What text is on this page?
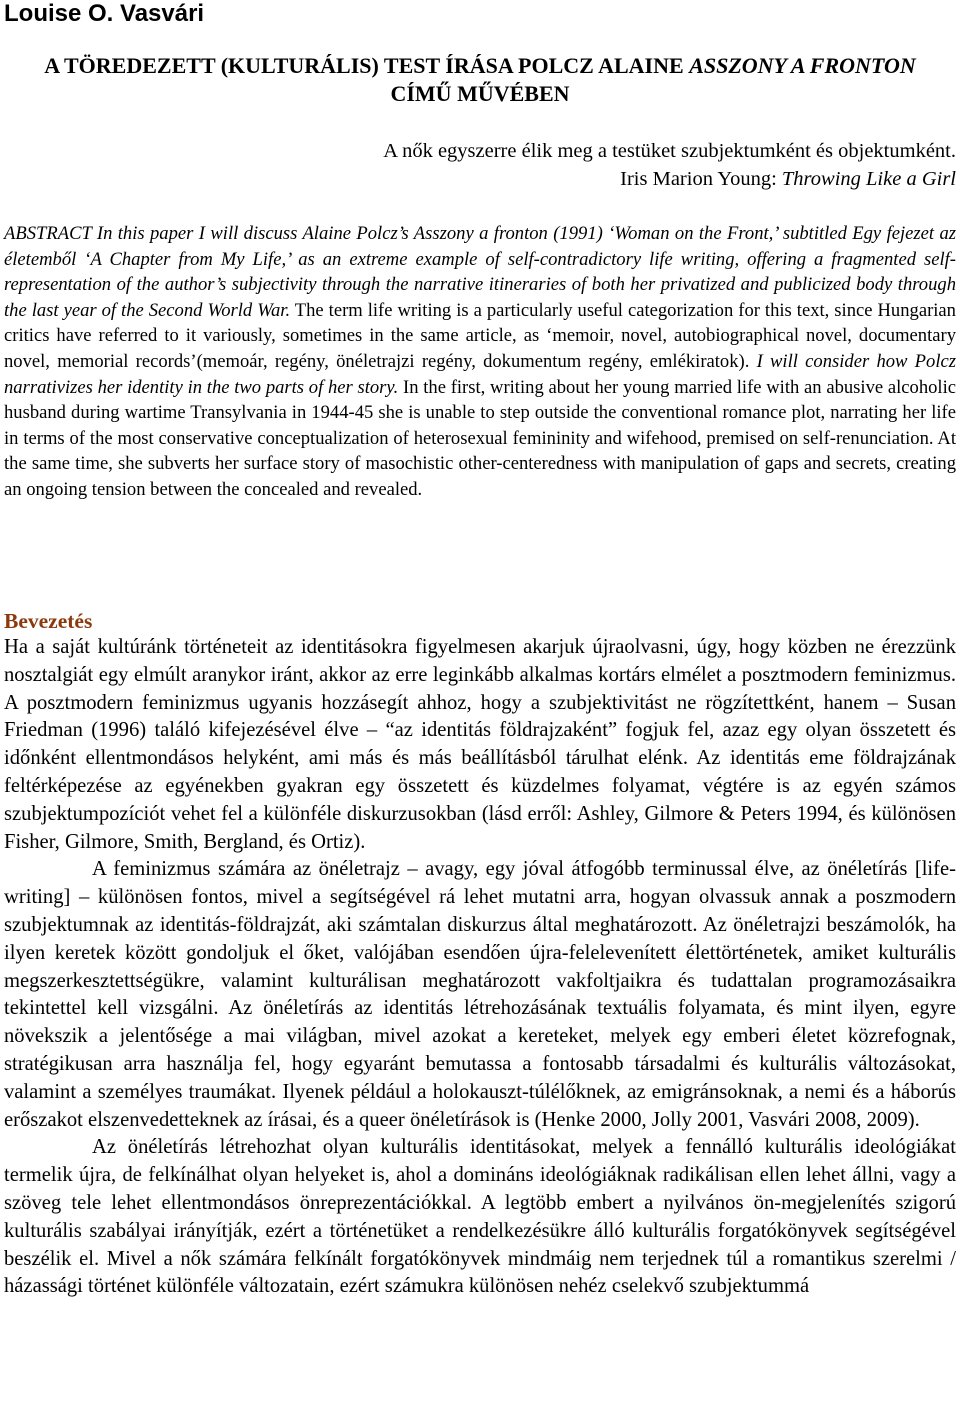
Louise O. Vasvári
A TÖREDEZETT (KULTURÁLIS) TEST ÍRÁSA POLCZ ALAINE ASSZONY A FRONTON CÍMŰ MŰVÉBEN
A nők egyszerre élik meg a testüket szubjektumként és objektumként.
Iris Marion Young: Throwing Like a Girl

ABSTRACT In this paper I will discuss Alaine Polcz’s Asszony a fronton (1991) ‘Woman on the Front,’ subtitled Egy fejezet az életemből ‘A Chapter from My Life,’ as an extreme example of self-contradictory life writing, offering a fragmented self-representation of the author’s subjectivity through the narrative itineraries of both her privatized and publicized body through the last year of the Second World War. The term life writing is a particularly useful categorization for this text, since Hungarian critics have referred to it variously, sometimes in the same article, as ‘memoir, novel, autobiographical novel, documentary novel, memorial records’(memoár, regény, önéletrajzi regény, dokumentum regény, emlékiratok). I will consider how Polcz narrativizes her identity in the two parts of her story. In the first, writing about her young married life with an abusive alcoholic husband during wartime Transylvania in 1944-45 she is unable to step outside the conventional romance plot, narrating her life in terms of the most conservative conceptualization of heterosexual femininity and wifehood, premised on self-renunciation. At the same time, she subverts her surface story of masochistic other-centeredness with manipulation of gaps and secrets, creating an ongoing tension between the concealed and revealed.

Bevezetés

Ha a saját kultúránk történeteit az identitásokra figyelmesen akarjuk újraolvasni, úgy, hogy közben ne érezzünk nosztalgiát egy elmúlt aranykor iránt, akkor az erre leginkább alkalmas kortárs elmélet a posztmodern feminizmus. A posztmodern feminizmus ugyanis hozzásegít ahhoz, hogy a szubjektivitást ne rögzítettként, hanem – Susan Friedman (1996) találó kifejezésével élve – “az identitás földrajzaként” fogjuk fel, azaz egy olyan összetett és időnként ellentmondásos helyként, ami más és más beállításból tárulhat elénk. Az identitás eme földrajzának feltérképezése az egyénekben gyakran egy összetett és küzdelmes folyamat, végtére is az egyén számos szubjektumpozíciót vehet fel a különféle diskurzusokban (lásd erről: Ashley, Gilmore & Peters 1994, és különösen Fisher, Gilmore, Smith, Bergland, és Ortiz).

A feminizmus számára az önéletrajz – avagy, egy jóval átfogóbb terminussal élve, az önéletírás [life-writing] – különösen fontos, mivel a segítségével rá lehet mutatni arra, hogyan olvassuk annak a poszmodern szubjektumnak az identitás-földrajzát, aki számtalan diskurzus által meghatározott. Az önéletrajzi beszámolók, ha ilyen keretek között gondoljuk el őket, valójában esendően újra-felelevenített élettörténetek, amiket kulturális megszerkesztettségükre, valamint kulturálisan meghatározott vakfoltjaikra és tudattalan programozásaikra tekintettel kell vizsgálni. Az önéletírás az identitás létrehozásának textuális folyamata, és mint ilyen, egyre növekszik a jelentősége a mai világban, mivel azokat a kereteket, melyek egy emberi életet közrefognak, stratégikusan arra használja fel, hogy egyaránt bemutassa a fontosabb társadalmi és kulturális változásokat, valamint a személyes traumákat. Ilyenek például a holokauszt-túlélőknek, az emigránsoknak, a nemi és a háborús erőszakot elszenvedetteknek az írásai, és a queer önéletírások is (Henke 2000, Jolly 2001, Vasvári 2008, 2009).

Az önéletírás létrehozhat olyan kulturális identitásokat, melyek a fennálló kulturális ideológiákat termelik újra, de felkínálhat olyan helyeket is, ahol a domináns ideológiáknak radikálisan ellen lehet állni, vagy a szöveg tele lehet ellentmondásos önreprezentációkkal. A legtöbb embert a nyilvános ön-megjelenítés szigorú kulturális szabályai irányítják, ezért a történetüket a rendelkezésükre álló kulturális forgatókönyvek segítségével beszélik el. Mivel a nők számára felkínált forgatókönyvek mindmáig nem terjednek túl a romantikus szerelmi / házassági történet különféle változatain, ezért számukra különösen nehéz cselekvő szubjektummá
